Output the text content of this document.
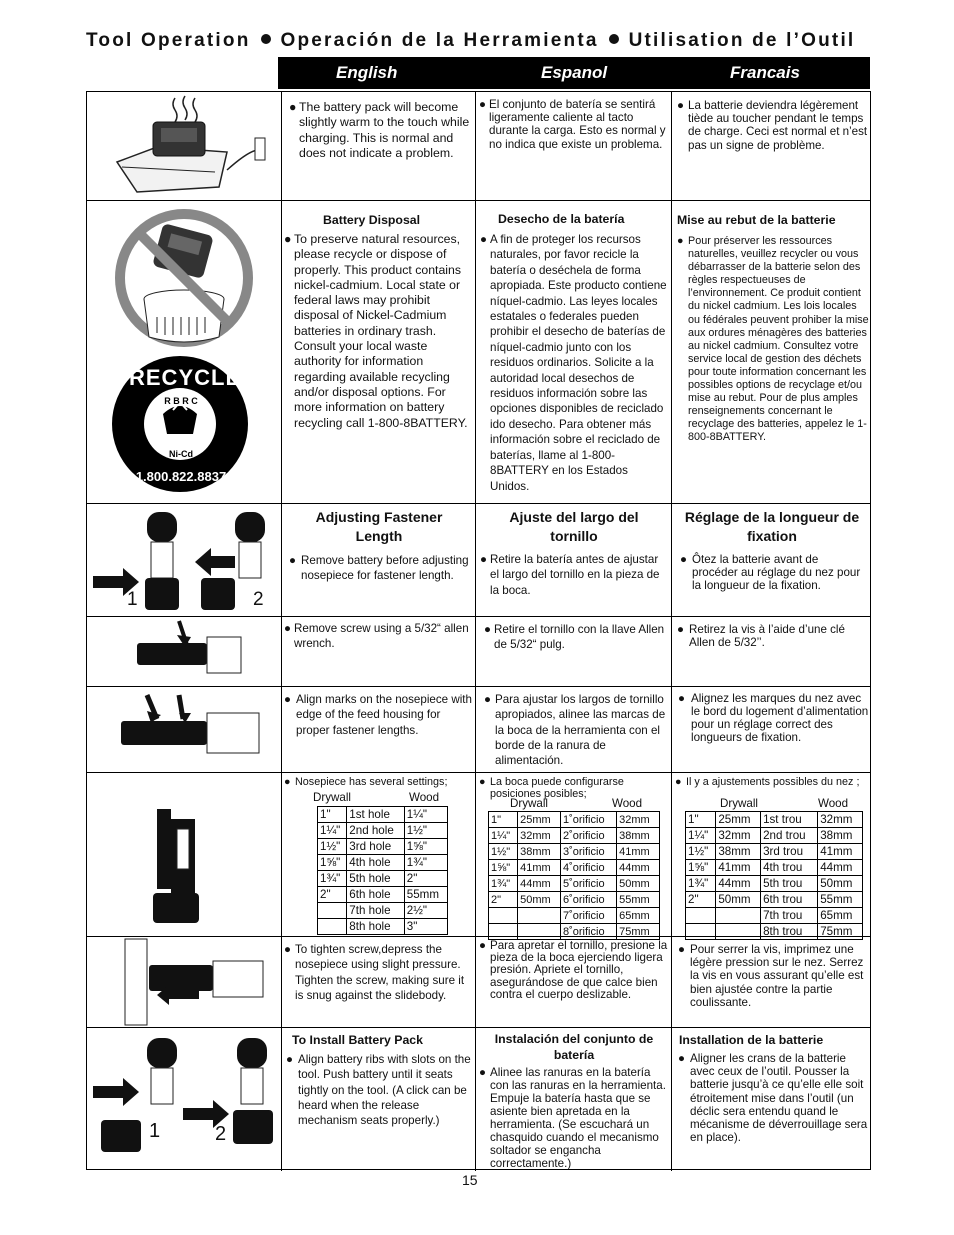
Tool Operation Operación de la Herramienta Utilisation de l’Outil
English	Espanol	Francais
● The battery pack will become slightly warm to the touch while charging. This is normal and does not indicate a problem.
● El conjunto de batería se sentirá ligeramente caliente al tacto durante la carga. Esto es normal y no indica que existe un problema.
● La batterie deviendra légèrement tiède au toucher pendant le temps de charge. Ceci est normal et n’est pas un signe de problème.
RECYCLE
R B R C
Ni-Cd
1.800.822.8837
Battery Disposal
● To preserve natural resources, please recycle or dispose of properly. This product contains nickel-cadmium. Local state or federal laws may prohibit disposal of Nickel-Cadmium batteries in ordinary trash. Consult your local waste authority for information regarding available recycling and/or disposal options. For more information on battery recycling call 1-800-8BATTERY.
Desecho de la batería
● A fin de proteger los recursos naturales, por favor recicle la batería o deséchela de forma apropiada. Este producto contiene níquel-cadmio. Las leyes locales estatales o federales pueden prohibir el desecho de baterías de níquel-cadmio junto con los residuos ordinarios. Solicite a la autoridad local desechos de residuos información sobre las opciones disponibles de reciclado ido desecho. Para obtener más información sobre el reciclado de baterías, llame al 1-800-8BATTERY en los Estados Unidos.
Mise au rebut de la batterie
● Pour préserver les ressources naturelles, veuillez recycler ou vous débarrasser de la batterie selon des règles respectueuses de l’environnement. Ce produit contient du nickel cadmium. Les lois locales ou fédérales peuvent prohiber la mise aux ordures ménagères des batteries au nickel cadmium. Consultez votre service local de gestion des déchets pour toute information concernant les possibles options de recyclage et/ou mise au rebut. Pour de plus amples renseignements concernant le recyclage des batteries, appelez le 1-800-8BATTERY.
1	2
Adjusting Fastener Length
● Remove battery before adjusting nosepiece for fastener length.
Ajuste del largo del tornillo
● Retire la batería antes de ajustar el largo del tornillo en la pieza de la boca.
Réglage de la longueur de fixation
● Ôtez la batterie avant de procéder au réglage du nez pour la longueur de la fixation.
● Remove screw using a 5/32“ allen wrench.
● Retire el tornillo con la llave Allen de 5/32“ pulg.
● Retirez la vis à l’aide d’une clé Allen de 5/32’’.
● Align marks on the nosepiece with edge of the feed housing for proper fastener lengths.
● Para ajustar los largos de tornillo apropiados, alinee las marcas de la boca de la herramienta con el borde de la ranura de alimentación.
● Alignez les marques du nez avec le bord du logement d’alimentation pour un réglage correct des longueurs de fixation.
● Nosepiece has several settings;
Drywall	Wood
1"	1st hole	1¼"
1¼"	2nd hole	1½"
1½"	3rd hole	1⅝"
1⅝"	4th hole	1¾"
1¾"	5th hole	2"
2"	6th hole	55mm
	7th hole	2½"
	8th hole	3"
● La boca puede configurarse posiciones posibles;
Drywall	Wood
1"	25mm	1˚orificio	32mm
1¼"	32mm	2˚orificio	38mm
1½"	38mm	3˚orificio	41mm
1⅝"	41mm	4˚orificio	44mm
1¾"	44mm	5˚orificio	50mm
2"	50mm	6˚orificio	55mm
		7˚orificio	65mm
		8˚orificio	75mm
● Il y a ajustements possibles du nez ;
Drywall	Wood
1"	25mm	1st trou	32mm
1¼"	32mm	2nd trou	38mm
1½"	38mm	3rd trou	41mm
1⅝"	41mm	4th trou	44mm
1¾"	44mm	5th trou	50mm
2"	50mm	6th trou	55mm
		7th trou	65mm
		8th trou	75mm
● To tighten screw,depress the nosepiece using slight pressure. Tighten the screw, making sure it is snug against the slidebody.
● Para apretar el tornillo, presione la pieza de la boca ejerciendo ligera presión. Apriete el tornillo, asegurándose de que calce bien contra el cuerpo deslizable.
● Pour serrer la vis, imprimez une légère pression sur le nez. Serrez la vis en vous assurant qu’elle est bien ajustée contre la partie coulissante.
1	2
To Install Battery Pack
● Align battery ribs with slots on the tool. Push battery until it seats tightly on the tool. (A click can be heard when the release mechanism seats properly.)
Instalación del conjunto de batería
● Alinee las ranuras en la batería con las ranuras en la herramienta. Empuje la batería hasta que se asiente bien apretada en la herramienta. (Se escuchará un chasquido cuando el mecanismo soltador se engancha correctamente.)
Installation de la batterie
● Aligner les crans de la batterie avec ceux de l’outil. Pousser la batterie jusqu’à ce qu’elle elle soit étroitement mise dans l’outil (un déclic sera entendu quand le mécanisme de déverrouillage sera en place).
15
